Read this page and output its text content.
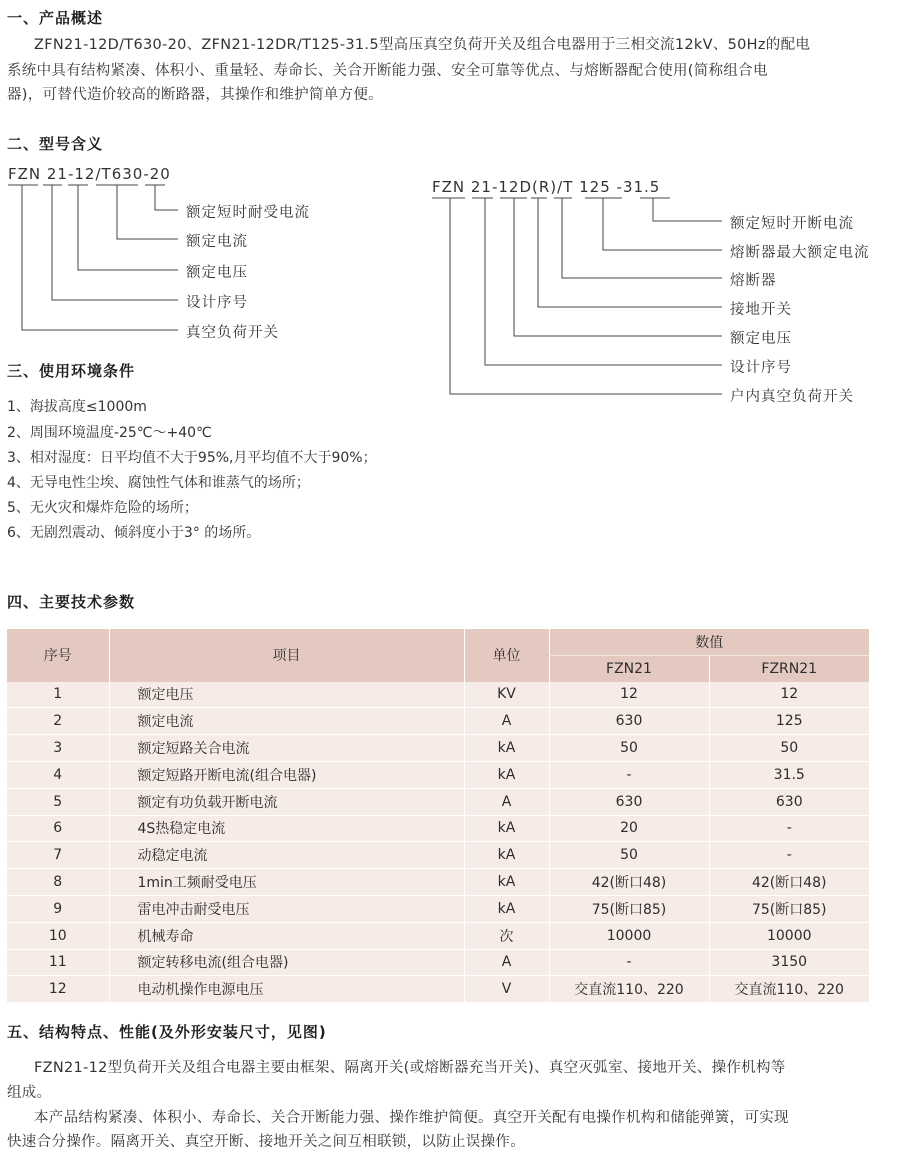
一、产品概述
ZFN21-12D/T630-20、ZFN21-12DR/T125-31.5型高压真空负荷开关及组合电器用于三相交流12kV、50Hz的配电
系统中具有结构紧凑、体积小、重量轻、寿命长、关合开断能力强、安全可靠等优点、与熔断器配合使用(简称组合电
器)，可替代造价较高的断路器，其操作和维护简单方便。
二、型号含义
FZN 21-12/T630-20
额定短时耐受电流
额定电流
额定电压
设计序号
真空负荷开关
FZN 21-12D(R)/T 125 -31.5
额定短时开断电流
熔断器最大额定电流
熔断器
接地开关
额定电压
设计序号
户内真空负荷开关
三、使用环境条件
1、海拔高度≤1000m
2、周围环境温度-25℃～+40℃
3、相对湿度：日平均值不大于95%,月平均值不大于90%；
4、无导电性尘埃、腐蚀性气体和谁蒸气的场所；
5、无火灾和爆炸危险的场所；
6、无剧烈震动、倾斜度小于3° 的场所。
四、主要技术参数
序号	项目	单位	数值	
			FZN21	FZRN21
1	额定电压	KV	12	12
2	额定电流	A	630	125
3	额定短路关合电流	kA	50	50
4	额定短路开断电流(组合电器)	kA	-	31.5
5	额定有功负载开断电流	A	630	630
6	4S热稳定电流	kA	20	-
7	动稳定电流	kA	50	-
8	1min工频耐受电压	kA	42(断口48)	42(断口48)
9	雷电冲击耐受电压	kA	75(断口85)	75(断口85)
10	机械寿命	次	10000	10000
11	额定转移电流(组合电器)	A	-	3150
12	电动机操作电源电压	V	交直流110、220	交直流110、220
五、结构特点、性能(及外形安装尺寸，见图)
FZN21-12型负荷开关及组合电器主要由框架、隔离开关(或熔断器充当开关)、真空灭弧室、接地开关、操作机构等
组成。
本产品结构紧凑、体积小、寿命长、关合开断能力强、操作维护简便。真空开关配有电操作机构和储能弹簧，可实现
快速合分操作。隔离开关、真空开断、接地开关之间互相联锁，以防止误操作。
